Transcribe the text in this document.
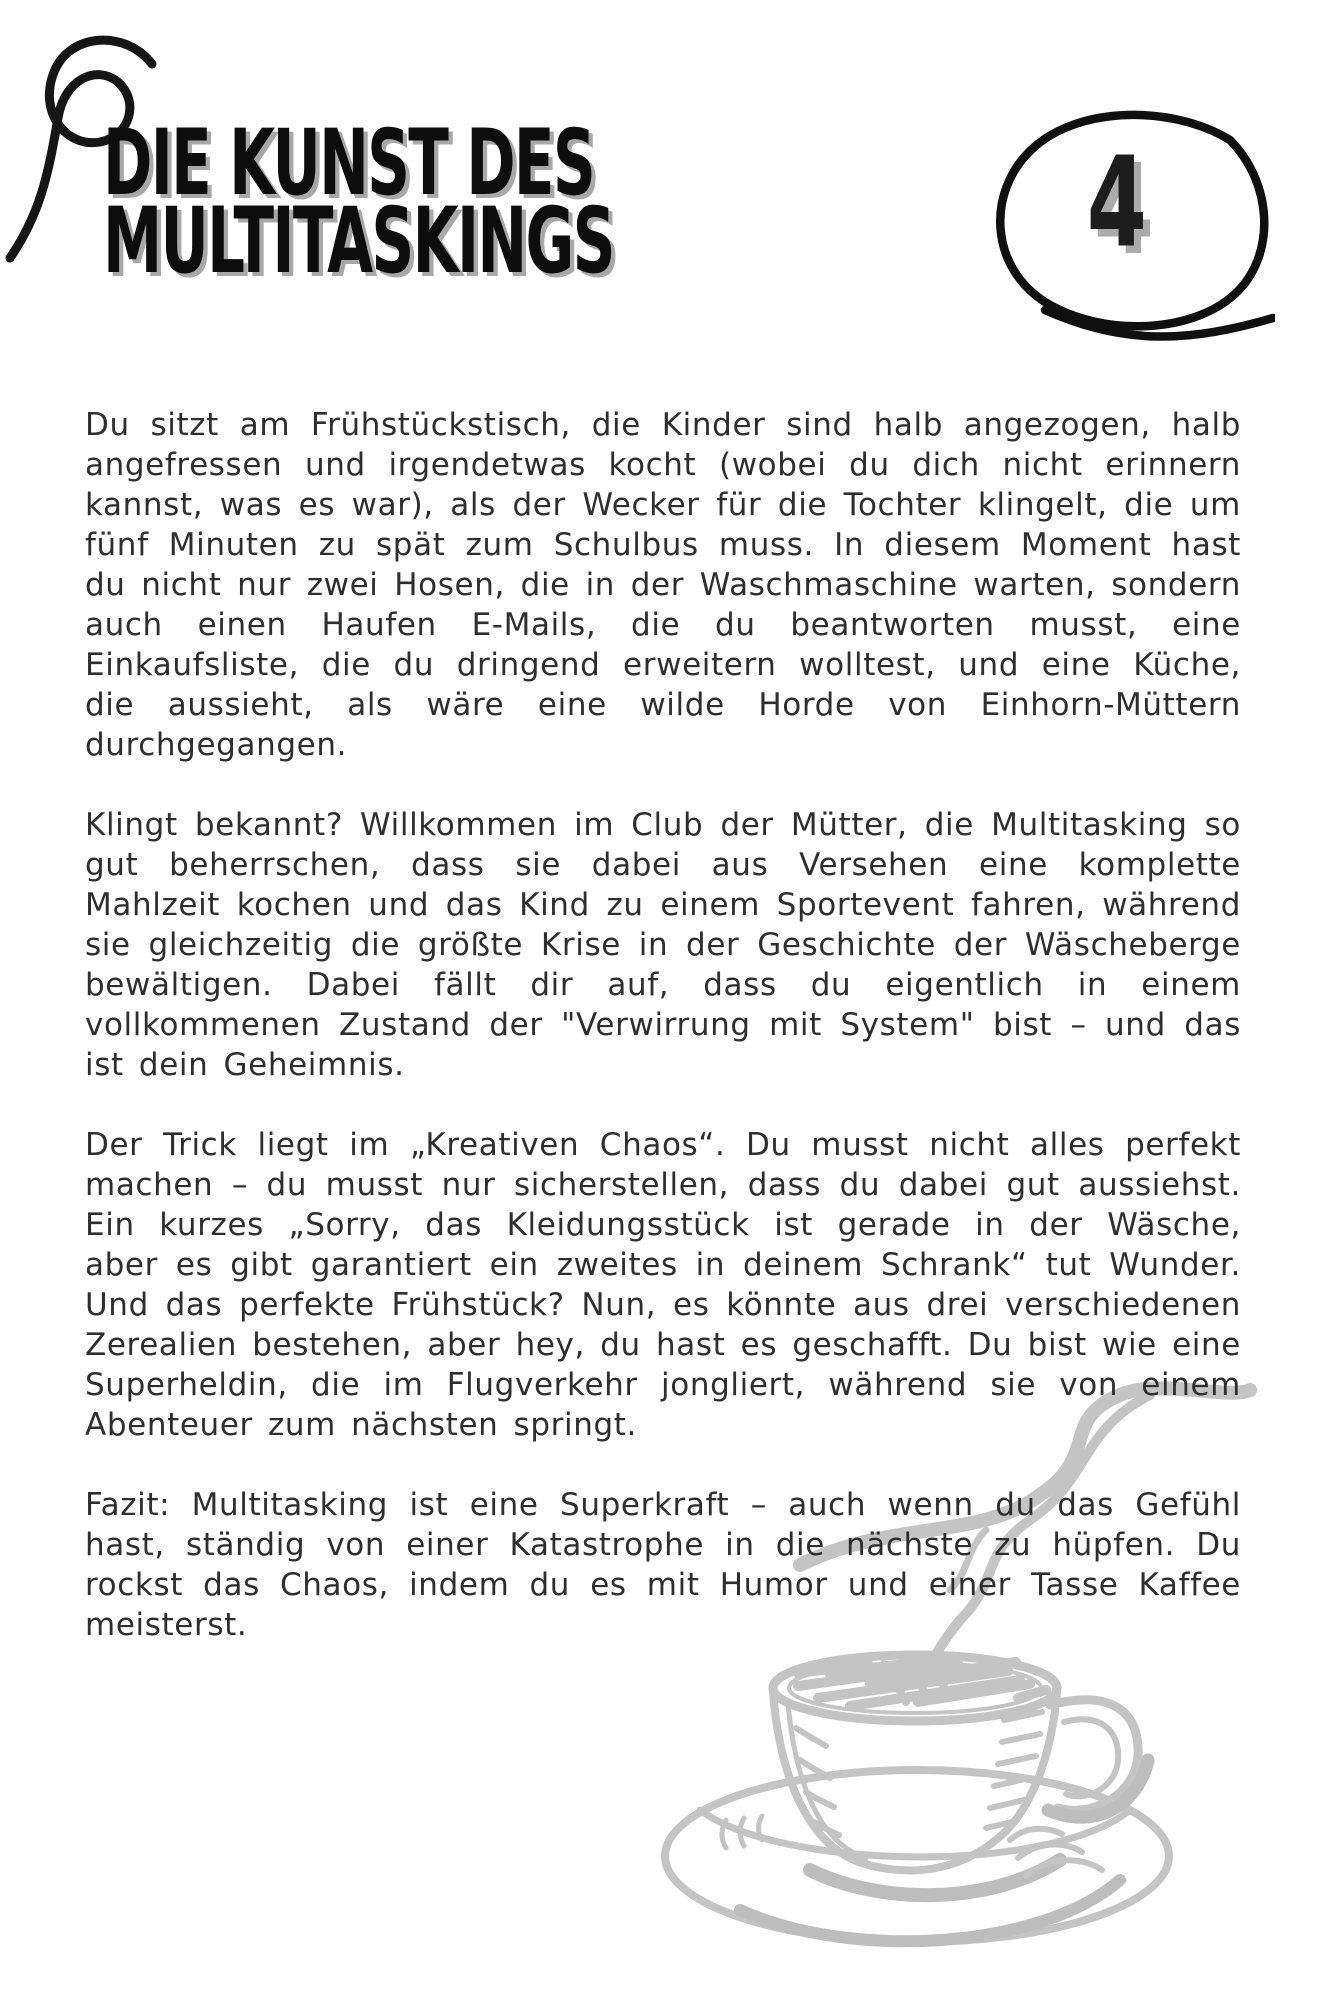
DIE KUNST DES
MULTITASKINGS	4

Du sitzt am Frühstückstisch, die Kinder sind halb angezogen, halb angefressen und irgendetwas kocht (wobei du dich nicht erinnern kannst, was es war), als der Wecker für die Tochter klingelt, die um fünf Minuten zu spät zum Schulbus muss. In diesem Moment hast du nicht nur zwei Hosen, die in der Waschmaschine warten, sondern auch einen Haufen E-Mails, die du beantworten musst, eine Einkaufsliste, die du dringend erweitern wolltest, und eine Küche, die aussieht, als wäre eine wilde Horde von Einhorn-Müttern durchgegangen.

Klingt bekannt? Willkommen im Club der Mütter, die Multitasking so gut beherrschen, dass sie dabei aus Versehen eine komplette Mahlzeit kochen und das Kind zu einem Sportevent fahren, während sie gleichzeitig die größte Krise in der Geschichte der Wäscheberge bewältigen. Dabei fällt dir auf, dass du eigentlich in einem vollkommenen Zustand der "Verwirrung mit System" bist – und das ist dein Geheimnis.

Der Trick liegt im „Kreativen Chaos“. Du musst nicht alles perfekt machen – du musst nur sicherstellen, dass du dabei gut aussiehst. Ein kurzes „Sorry, das Kleidungsstück ist gerade in der Wäsche, aber es gibt garantiert ein zweites in deinem Schrank“ tut Wunder. Und das perfekte Frühstück? Nun, es könnte aus drei verschiedenen Zerealien bestehen, aber hey, du hast es geschafft. Du bist wie eine Superheldin, die im Flugverkehr jongliert, während sie von einem Abenteuer zum nächsten springt.

Fazit: Multitasking ist eine Superkraft – auch wenn du das Gefühl hast, ständig von einer Katastrophe in die nächste zu hüpfen. Du rockst das Chaos, indem du es mit Humor und einer Tasse Kaffee meisterst.
